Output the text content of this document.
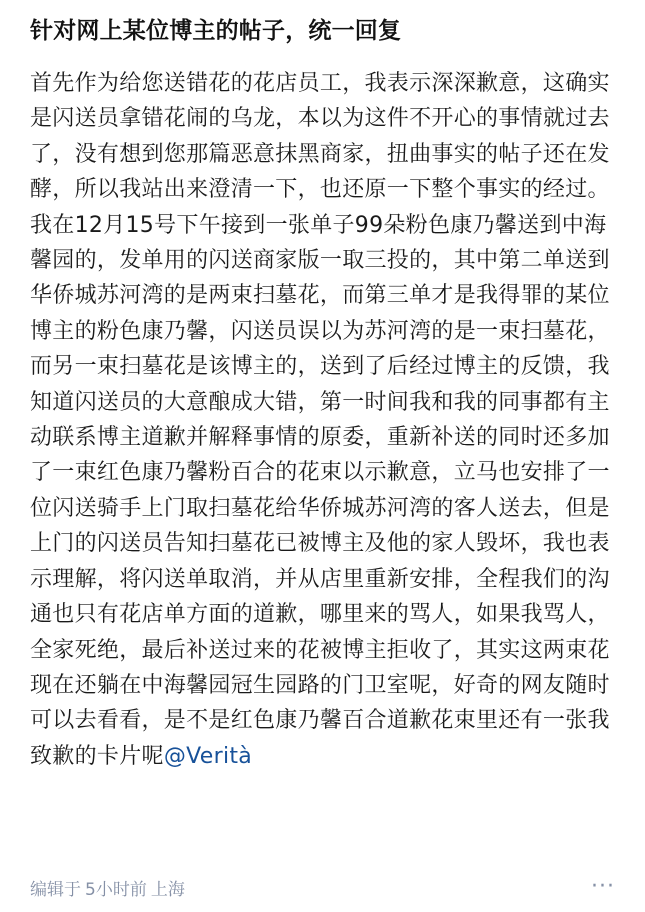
针对网上某位博主的帖子，统一回复
首先作为给您送错花的花店员工，我表示深深歉意，这确实是闪送员拿错花闹的乌龙，本以为这件不开心的事情就过去了，没有想到您那篇恶意抹黑商家，扭曲事实的帖子还在发酵，所以我站出来澄清一下，也还原一下整个事实的经过。我在12月15号下午接到一张单子99朵粉色康乃馨送到中海馨园的，发单用的闪送商家版一取三投的，其中第二单送到华侨城苏河湾的是两束扫墓花，而第三单才是我得罪的某位博主的粉色康乃馨，闪送员误以为苏河湾的是一束扫墓花，而另一束扫墓花是该博主的，送到了后经过博主的反馈，我知道闪送员的大意酿成大错，第一时间我和我的同事都有主动联系博主道歉并解释事情的原委，重新补送的同时还多加了一束红色康乃馨粉百合的花束以示歉意，立马也安排了一位闪送骑手上门取扫墓花给华侨城苏河湾的客人送去，但是上门的闪送员告知扫墓花已被博主及他的家人毁坏，我也表示理解，将闪送单取消，并从店里重新安排，全程我们的沟通也只有花店单方面的道歉，哪里来的骂人，如果我骂人，全家死绝，最后补送过来的花被博主拒收了，其实这两束花现在还躺在中海馨园冠生园路的门卫室呢，好奇的网友随时可以去看看，是不是红色康乃馨百合道歉花束里还有一张我致歉的卡片呢@Verità
编辑于 5小时前 上海	···
